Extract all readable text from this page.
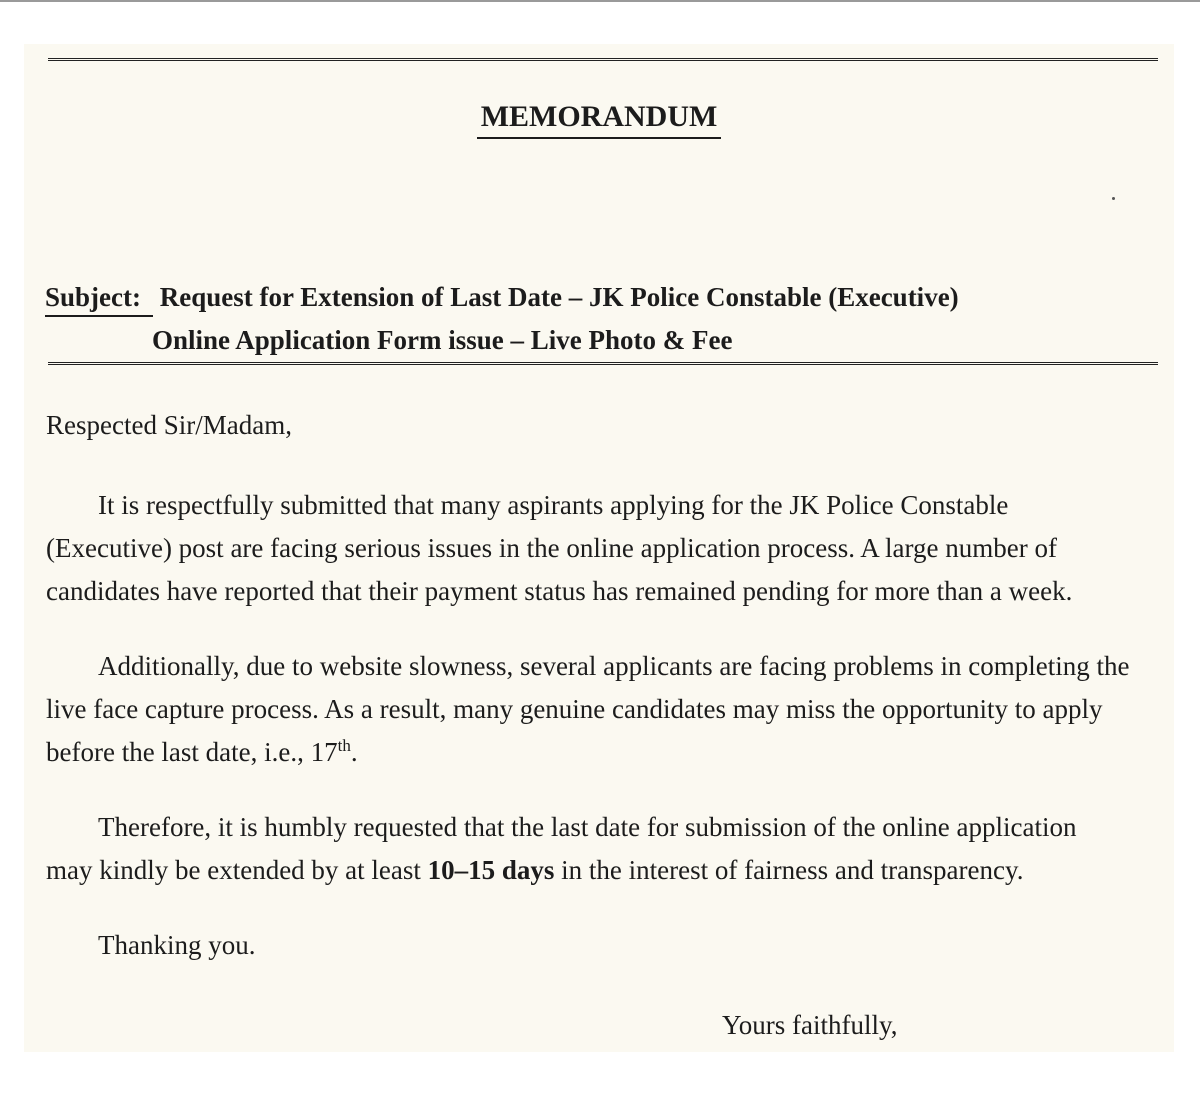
MEMORANDUM
Subject: Request for Extension of Last Date – JK Police Constable (Executive)
Online Application Form issue – Live Photo & Fee

Respected Sir/Madam,

It is respectfully submitted that many aspirants applying for the JK Police Constable
(Executive) post are facing serious issues in the online application process. A large number of
candidates have reported that their payment status has remained pending for more than a week.

Additionally, due to website slowness, several applicants are facing problems in completing the
live face capture process. As a result, many genuine candidates may miss the opportunity to apply
before the last date, i.e., 17th.

Therefore, it is humbly requested that the last date for submission of the online application
may kindly be extended by at least 10–15 days in the interest of fairness and transparency.

Thanking you.

Yours faithfully,
